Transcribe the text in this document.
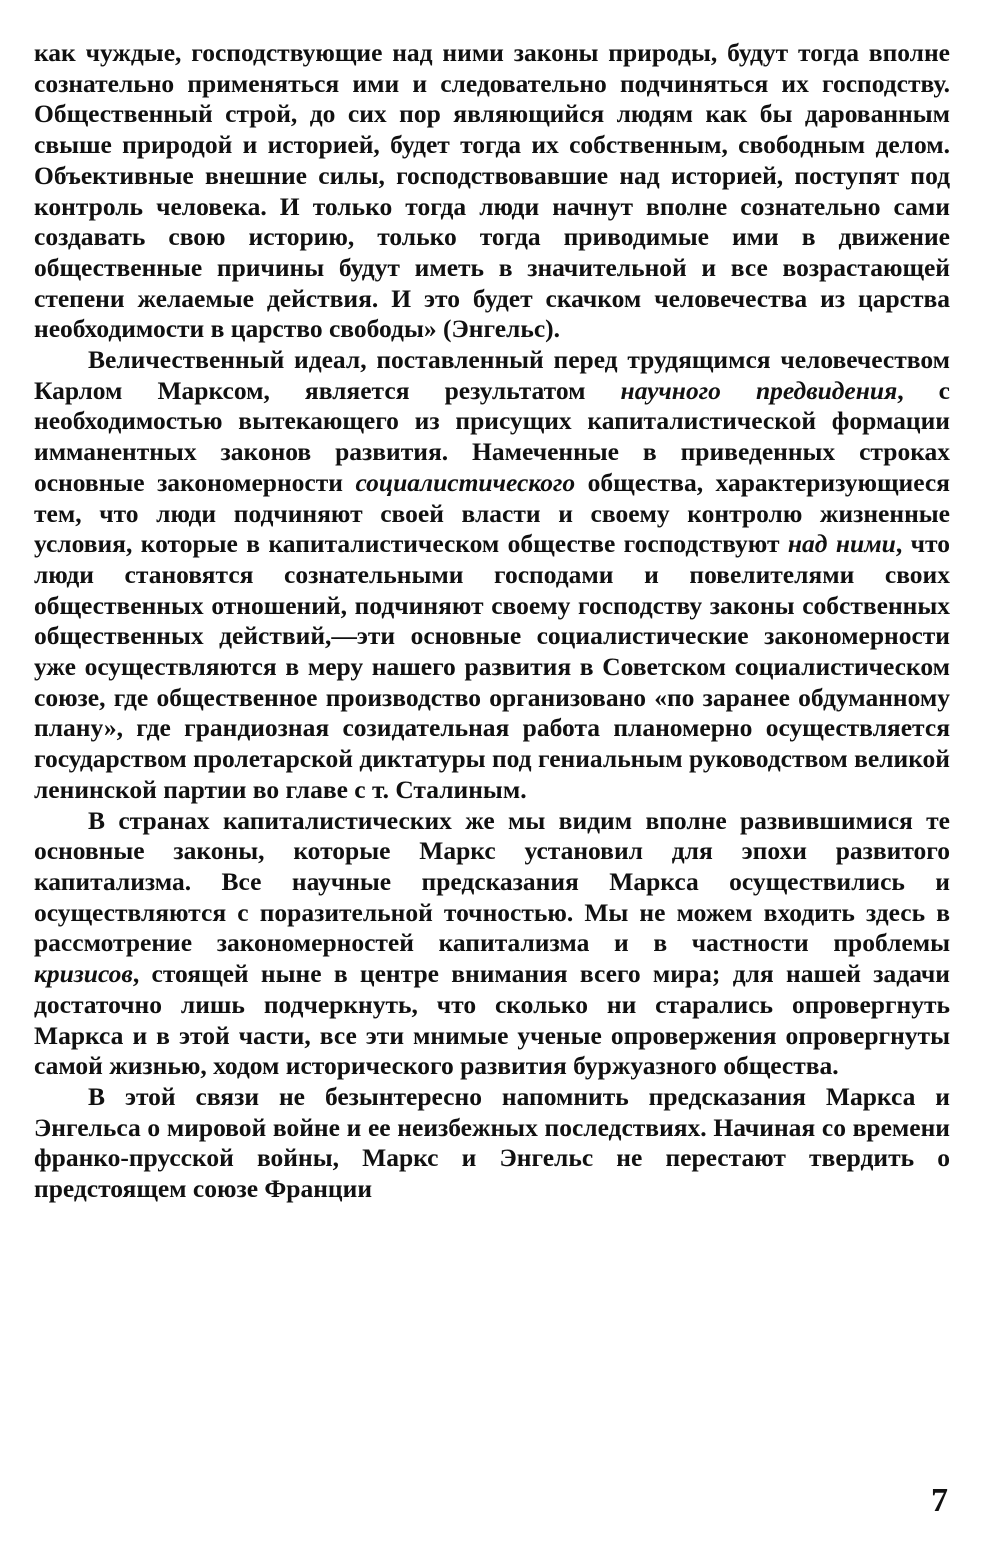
как чуждые, господствующие над ними законы природы, будут тогда вполне сознательно применяться ими и следовательно подчиняться их господству. Общественный строй, до сих пор являющийся людям как бы дарованным свыше природой и историей, будет тогда их собственным, свободным делом. Объективные внешние силы, господствовавшие над историей, поступят под контроль человека. И только тогда люди начнут вполне сознательно сами создавать свою историю, только тогда приводимые ими в движение общественные причины будут иметь в значительной и все возрастающей степени желаемые действия. И это будет скачком человечества из царства необходимости в царство свободы» (Энгельс).

Величественный идеал, поставленный перед трудящимся человечеством Карлом Марксом, является результатом научного предвидения, с необходимостью вытекающего из присущих капиталистической формации имманентных законов развития. Намеченные в приведенных строках основные закономерности социалистического общества, характеризующиеся тем, что люди подчиняют своей власти и своему контролю жизненные условия, которые в капиталистическом обществе господствуют над ними, что люди становятся сознательными господами и повелителями своих общественных отношений, подчиняют своему господству законы собственных общественных действий,—эти основные социалистические закономерности уже осуществляются в меру нашего развития в Советском социалистическом союзе, где общественное производство организовано «по заранее обдуманному плану», где грандиозная созидательная работа планомерно осуществляется государством пролетарской диктатуры под гениальным руководством великой ленинской партии во главе с т. Сталиным.

В странах капиталистических же мы видим вполне развившимися те основные законы, которые Маркс установил для эпохи развитого капитализма. Все научные предсказания Маркса осуществились и осуществляются с поразительной точностью. Мы не можем входить здесь в рассмотрение закономерностей капитализма и в частности проблемы кризисов, стоящей ныне в центре внимания всего мира; для нашей задачи достаточно лишь подчеркнуть, что сколько ни старались опровергнуть Маркса и в этой части, все эти мнимые ученые опровержения опровергнуты самой жизнью, ходом исторического развития буржуазного общества.

В этой связи не безынтересно напомнить предсказания Маркса и Энгельса о мировой войне и ее неизбежных последствиях. Начиная со времени франко-прусской войны, Маркс и Энгельс не перестают твердить о предстоящем союзе Франции

7
